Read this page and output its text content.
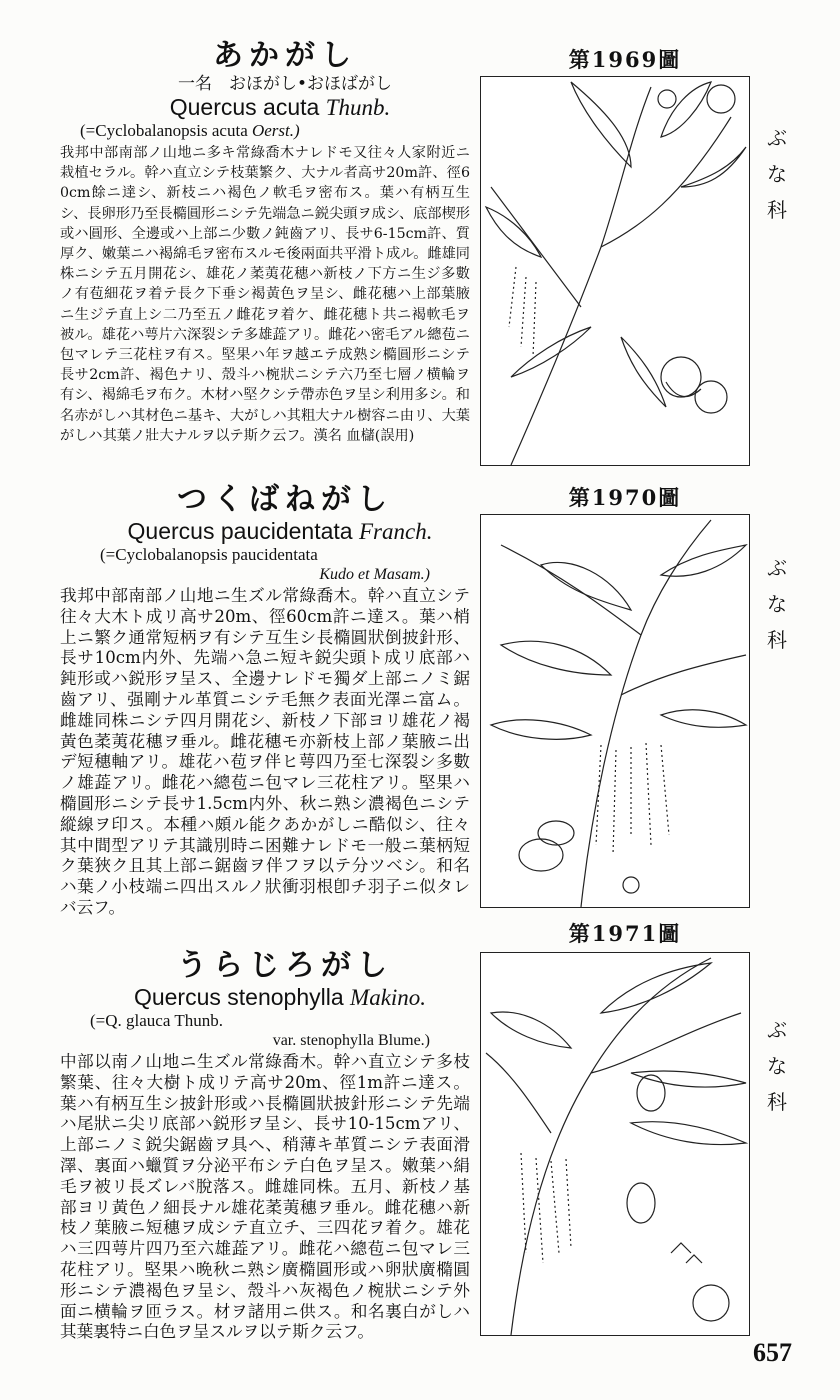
あかがし
一名　おほがし•おほばがし
Quercus acuta Thunb.
(=Cyclobalanopsis acuta Oerst.)
我邦中部南部ノ山地ニ多キ常綠喬木ナレドモ又往々人家附近ニ栽植セラル。幹ハ直立シテ枝葉繁ク、大ナル者高サ20m許、徑60cm餘ニ達シ、新枝ニハ褐色ノ軟毛ヲ密布ス。葉ハ有柄互生シ、長卵形乃至長橢圓形ニシテ先端急ニ鋭尖頭ヲ成シ、底部楔形或ハ圓形、全邊或ハ上部ニ少數ノ鈍齒アリ、長サ6-15cm許、質厚ク、嫩葉ニハ褐綿毛ヲ密布スルモ後兩面共平滑ト成ル。雌雄同株ニシテ五月開花シ、雄花ノ葇荑花穗ハ新枝ノ下方ニ生ジ多數ノ有苞細花ヲ着テ長ク下垂シ褐黃色ヲ呈シ、雌花穗ハ上部葉腋ニ生ジテ直上シ二乃至五ノ雌花ヲ着ケ、雌花穗ト共ニ褐軟毛ヲ被ル。雄花ハ萼片六深裂シテ多雄蕋アリ。雌花ハ密毛アル總苞ニ包マレテ三花柱ヲ有ス。堅果ハ年ヲ越エテ成熟シ橢圓形ニシテ長サ2cm許、褐色ナリ、殼斗ハ椀狀ニシテ六乃至七層ノ横輪ヲ有シ、褐綿毛ヲ布ク。木材ハ堅クシテ帶赤色ヲ呈シ利用多シ。和名赤がしハ其材色ニ基キ、大がしハ其粗大ナル樹容ニ由リ、大葉がしハ其葉ノ壯大ナルヲ以テ斯ク云フ。漢名 血櫧(誤用)
第1969圖
ぶ
な
科
つくばねがし
Quercus paucidentata Franch.
(=Cyclobalanopsis paucidentata
Kudo et Masam.)
我邦中部南部ノ山地ニ生ズル常綠喬木。幹ハ直立シテ往々大木ト成リ高サ20m、徑60cm許ニ達ス。葉ハ梢上ニ繁ク通常短柄ヲ有シテ互生シ長橢圓狀倒披針形、長サ10cm内外、先端ハ急ニ短キ鋭尖頭ト成リ底部ハ鈍形或ハ鋭形ヲ呈ス、全邊ナレドモ獨ダ上部ニノミ鋸齒アリ、强剛ナル革質ニシテ毛無ク表面光澤ニ富ム。雌雄同株ニシテ四月開花シ、新枝ノ下部ヨリ雄花ノ褐黃色葇荑花穗ヲ垂ル。雌花穗モ亦新枝上部ノ葉腋ニ出デ短穗軸アリ。雄花ハ苞ヲ伴ヒ萼四乃至七深裂シ多數ノ雄蕋アリ。雌花ハ總苞ニ包マレ三花柱アリ。堅果ハ橢圓形ニシテ長サ1.5cm内外、秋ニ熟シ濃褐色ニシテ縱線ヲ印ス。本種ハ頗ル能クあかがしニ酷似シ、往々其中間型アリテ其識別時ニ困難ナレドモ一般ニ葉柄短ク葉狹ク且其上部ニ鋸齒ヲ伴フヲ以テ分ツベシ。和名ハ葉ノ小枝端ニ四出スルノ狀衝羽根卽チ羽子ニ似タレバ云フ。
第1970圖
ぶ
な
科
うらじろがし
Quercus stenophylla Makino.
(=Q. glauca Thunb.
var. stenophylla Blume.)
中部以南ノ山地ニ生ズル常綠喬木。幹ハ直立シテ多枝繁葉、往々大樹ト成リテ高サ20m、徑1m許ニ達ス。葉ハ有柄互生シ披針形或ハ長橢圓狀披針形ニシテ先端ハ尾狀ニ尖リ底部ハ鋭形ヲ呈シ、長サ10-15cmアリ、上部ニノミ鋭尖鋸齒ヲ具ヘ、稍薄キ革質ニシテ表面滑澤、裏面ハ蠟質ヲ分泌平布シテ白色ヲ呈ス。嫩葉ハ絹毛ヲ被リ長ズレバ脫落ス。雌雄同株。五月、新枝ノ基部ヨリ黃色ノ細長ナル雄花葇荑穗ヲ垂ル。雌花穗ハ新枝ノ葉腋ニ短穗ヲ成シテ直立チ、三四花ヲ着ク。雄花ハ三四萼片四乃至六雄蕋アリ。雌花ハ總苞ニ包マレ三花柱アリ。堅果ハ晩秋ニ熟シ廣橢圓形或ハ卵狀廣橢圓形ニシテ濃褐色ヲ呈シ、殼斗ハ灰褐色ノ椀狀ニシテ外面ニ横輪ヲ匝ラス。材ヲ諸用ニ供ス。和名裏白がしハ其葉裏特ニ白色ヲ呈スルヲ以テ斯ク云フ。
第1971圖
ぶ
な
科
657
